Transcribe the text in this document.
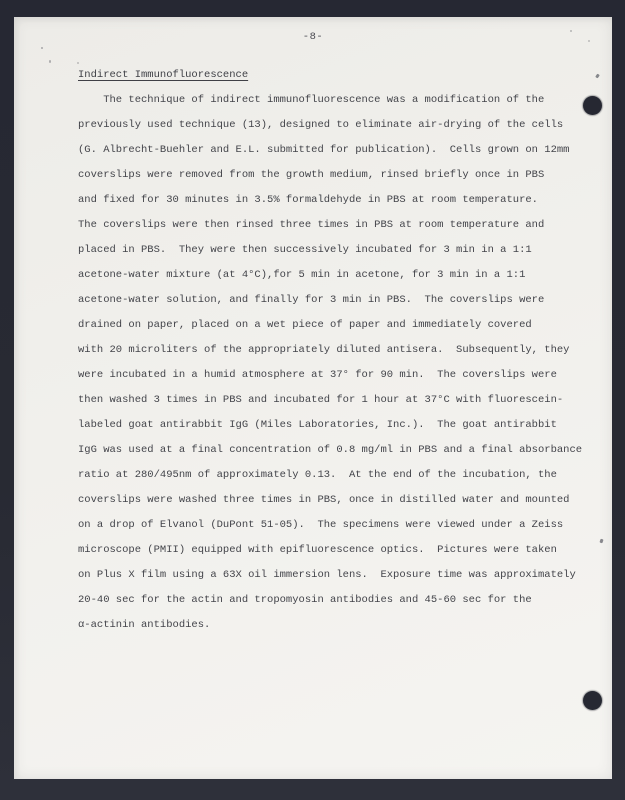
-8-
Indirect Immunofluorescence
The technique of indirect immunofluorescence was a modification of the
previously used technique (13), designed to eliminate air-drying of the cells
(G. Albrecht-Buehler and E.L. submitted for publication).  Cells grown on 12mm
coverslips were removed from the growth medium, rinsed briefly once in PBS
and fixed for 30 minutes in 3.5% formaldehyde in PBS at room temperature.
The coverslips were then rinsed three times in PBS at room temperature and
placed in PBS.  They were then successively incubated for 3 min in a 1:1
acetone-water mixture (at 4°C),for 5 min in acetone, for 3 min in a 1:1
acetone-water solution, and finally for 3 min in PBS.  The coverslips were
drained on paper, placed on a wet piece of paper and immediately covered
with 20 microliters of the appropriately diluted antisera.  Subsequently, they
were incubated in a humid atmosphere at 37° for 90 min.  The coverslips were
then washed 3 times in PBS and incubated for 1 hour at 37°C with fluorescein-
labeled goat antirabbit IgG (Miles Laboratories, Inc.).  The goat antirabbit
IgG was used at a final concentration of 0.8 mg/ml in PBS and a final absorbance
ratio at 280/495nm of approximately 0.13.  At the end of the incubation, the
coverslips were washed three times in PBS, once in distilled water and mounted
on a drop of Elvanol (DuPont 51-05).  The specimens were viewed under a Zeiss
microscope (PMII) equipped with epifluorescence optics.  Pictures were taken
on Plus X film using a 63X oil immersion lens.  Exposure time was approximately
20-40 sec for the actin and tropomyosin antibodies and 45-60 sec for the
α-actinin antibodies.
